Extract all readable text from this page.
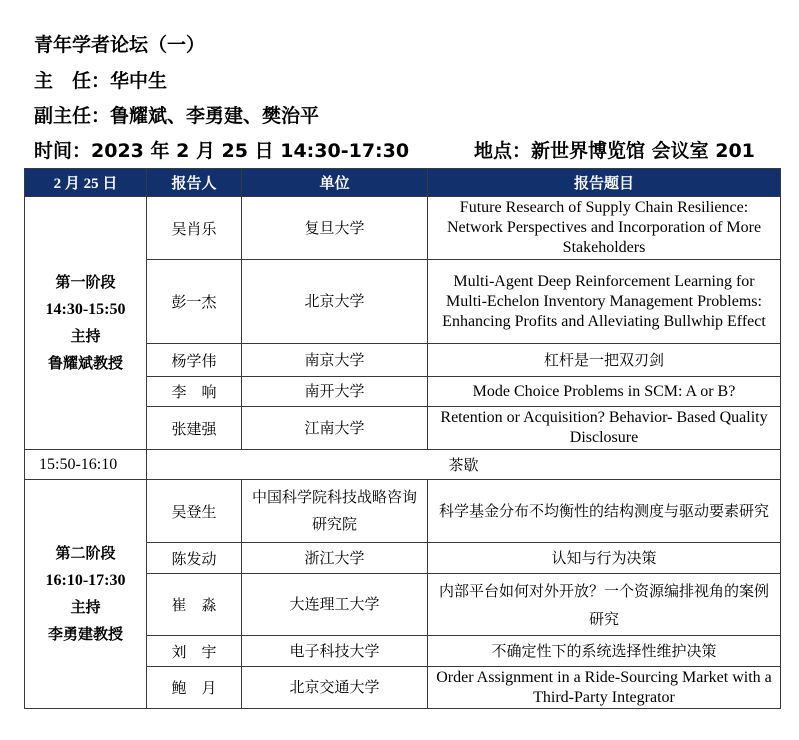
青年学者论坛（一）
主　任：华中生
副主任：鲁耀斌、李勇建、樊治平
时间：2023 年 2 月 25 日 14:30-17:30	地点：新世界博览馆 会议室 201
2 月 25 日	报告人	单位	报告题目

第一阶段
14:30-15:50
主持
鲁耀斌教授	吴肖乐	复旦大学	Future Research of Supply Chain Resilience: Network Perspectives and Incorporation of More Stakeholders
	彭一杰	北京大学	Multi-Agent Deep Reinforcement Learning for Multi-Echelon Inventory Management Problems: Enhancing Profits and Alleviating Bullwhip Effect
	杨学伟	南京大学	杠杆是一把双刃剑
	李　响	南开大学	Mode Choice Problems in SCM: A or B?
	张建强	江南大学	Retention or Acquisition? Behavior- Based Quality Disclosure
15:50-16:10	茶歇		

第二阶段
16:10-17:30
主持
李勇建教授	吴登生	中国科学院科技战略咨询研究院	科学基金分布不均衡性的结构测度与驱动要素研究
	陈发动	浙江大学	认知与行为决策
	崔　淼	大连理工大学	内部平台如何对外开放？一个资源编排视角的案例研究
	刘　宇	电子科技大学	不确定性下的系统选择性维护决策
	鲍　月	北京交通大学	Order Assignment in a Ride-Sourcing Market with a Third-Party Integrator
